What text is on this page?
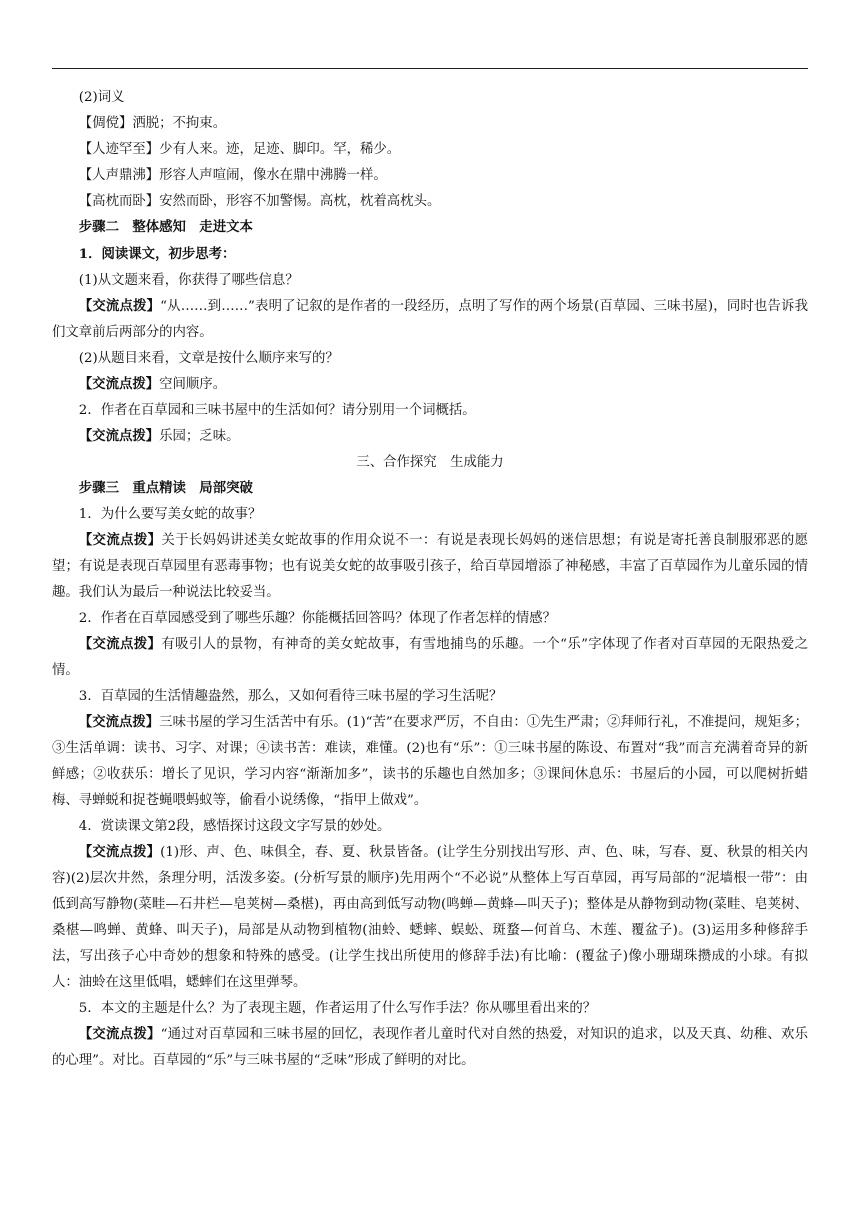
(2)词义

【倜傥】洒脱；不拘束。

【人迹罕至】少有人来。迹，足迹、脚印。罕，稀少。

【人声鼎沸】形容人声喧闹，像水在鼎中沸腾一样。

【高枕而卧】安然而卧，形容不加警惕。高枕，枕着高枕头。

步骤二　整体感知　走进文本

1．阅读课文，初步思考：

(1)从文题来看，你获得了哪些信息？

【交流点拨】“从……到……”表明了记叙的是作者的一段经历，点明了写作的两个场景(百草园、三味书屋)，同时也告诉我们文章前后两部分的内容。

(2)从题目来看，文章是按什么顺序来写的？

【交流点拨】空间顺序。

2．作者在百草园和三味书屋中的生活如何？请分别用一个词概括。

【交流点拨】乐园；乏味。

三、合作探究　生成能力

步骤三　重点精读　局部突破

1．为什么要写美女蛇的故事？

【交流点拨】关于长妈妈讲述美女蛇故事的作用众说不一：有说是表现长妈妈的迷信思想；有说是寄托善良制服邪恶的愿望；有说是表现百草园里有恶毒事物；也有说美女蛇的故事吸引孩子，给百草园增添了神秘感，丰富了百草园作为儿童乐园的情趣。我们认为最后一种说法比较妥当。

2．作者在百草园感受到了哪些乐趣？你能概括回答吗？体现了作者怎样的情感？

【交流点拨】有吸引人的景物，有神奇的美女蛇故事，有雪地捕鸟的乐趣。一个“乐”字体现了作者对百草园的无限热爱之情。

3．百草园的生活情趣盎然，那么，又如何看待三味书屋的学习生活呢？

【交流点拨】三味书屋的学习生活苦中有乐。(1)“苦”在要求严厉，不自由：①先生严肃；②拜师行礼，不准提问，规矩多；③生活单调：读书、习字、对课；④读书苦：难读，难懂。(2)也有“乐”：①三味书屋的陈设、布置对“我”而言充满着奇异的新鲜感；②收获乐：增长了见识，学习内容“渐渐加多”，读书的乐趣也自然加多；③课间休息乐：书屋后的小园，可以爬树折蜡梅、寻蝉蜕和捉苍蝇喂蚂蚁等，偷看小说绣像，“指甲上做戏”。

4．赏读课文第2段，感悟探讨这段文字写景的妙处。

【交流点拨】(1)形、声、色、味俱全，春、夏、秋景皆备。(让学生分别找出写形、声、色、味，写春、夏、秋景的相关内容)(2)层次井然，条理分明，活泼多姿。(分析写景的顺序)先用两个“不必说”从整体上写百草园，再写局部的“泥墙根一带”：由低到高写静物(菜畦—石井栏—皂荚树—桑椹)，再由高到低写动物(鸣蝉—黄蜂—叫天子)；整体是从静物到动物(菜畦、皂荚树、桑椹—鸣蝉、黄蜂、叫天子)，局部是从动物到植物(油蛉、蟋蟀、蜈蚣、斑蝥—何首乌、木莲、覆盆子)。(3)运用多种修辞手法，写出孩子心中奇妙的想象和特殊的感受。(让学生找出所使用的修辞手法)有比喻：(覆盆子)像小珊瑚珠攒成的小球。有拟人：油蛉在这里低唱，蟋蟀们在这里弹琴。

5．本文的主题是什么？为了表现主题，作者运用了什么写作手法？你从哪里看出来的？

【交流点拨】“通过对百草园和三味书屋的回忆，表现作者儿童时代对自然的热爱，对知识的追求，以及天真、幼稚、欢乐的心理”。对比。百草园的“乐”与三味书屋的“乏味”形成了鲜明的对比。
